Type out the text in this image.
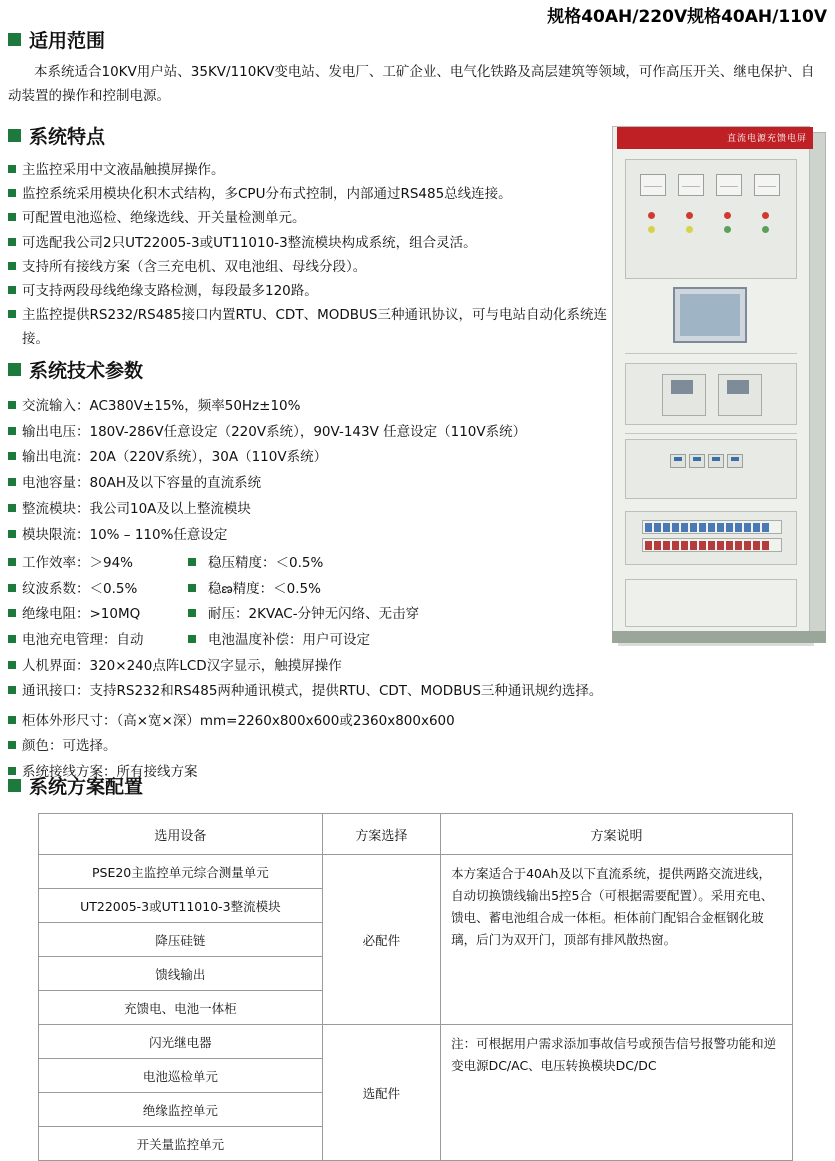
规格40AH/220V规格40AH/110V
适用范围
本系统适合10KV用户站、35KV/110KV变电站、发电厂、工矿企业、电气化铁路及高层建筑等领域，可作高压开关、继电保护、自动装置的操作和控制电源。
系统特点
主监控采用中文液晶触摸屏操作。
监控系统采用模块化积木式结构，多CPU分布式控制，内部通过RS485总线连接。
可配置电池巡检、绝缘选线、开关量检测单元。
可选配我公司2只UT22005-3或UT11010-3整流模块构成系统，组合灵活。
支持所有接线方案（含三充电机、双电池组、母线分段）。
可支持两段母线绝缘支路检测，每段最多120路。
主监控提供RS232/RS485接口内置RTU、CDT、MODBUS三种通讯协议，可与电站自动化系统连接。
系统技术参数
交流输入：AC380V±15%，频率50Hz±10%
输出电压：180V-286V任意设定（220V系统），90V-143V 任意设定（110V系统）
输出电流：20A（220V系统），30A（110V系统）
电池容量：80AH及以下容量的直流系统
整流模块：我公司10A及以上整流模块
模块限流：10% – 110%任意设定
工作效率：＞94%	稳压精度：＜0.5%
纹波系数：＜0.5%	稳ణ精度：＜0.5%
绝缘电阻：>10MQ	耐压：2KVAC-分钟无闪络、无击穿
电池充电管理：自动	电池温度补偿：用户可设定
人机界面：320×240点阵LCD汉字显示，触摸屏操作
通讯接口：支持RS232和RS485两种通讯模式，提供RTU、CDT、MODBUS三种通讯规约选择。
柜体外形尺寸：（高×宽×深）mm=2260x800x600或2360x800x600
颜色：可选择。
系统接线方案：所有接线方案
系统方案配置
选用设备	方案选择	方案说明
PSE20主监控单元综合测量单元	必配件	本方案适合于40Ah及以下直流系统，提供两路交流进线，自动切换馈线输出5控5合（可根据需要配置）。采用充电、馈电、蓄电池组合成一体柜。柜体前门配铝合金框钢化玻璃，后门为双开门，顶部有排风散热窗。
UT22005-3或UT11010-3整流模块		
降压硅链		
馈线输出		
充馈电、电池一体柜		
闪光继电器	选配件	注：可根据用户需求添加事故信号或预告信号报警功能和逆变电源DC/AC、电压转换模块DC/DC
电池巡检单元		
绝缘监控单元		
开关量监控单元		
直流电源充馈电屏
